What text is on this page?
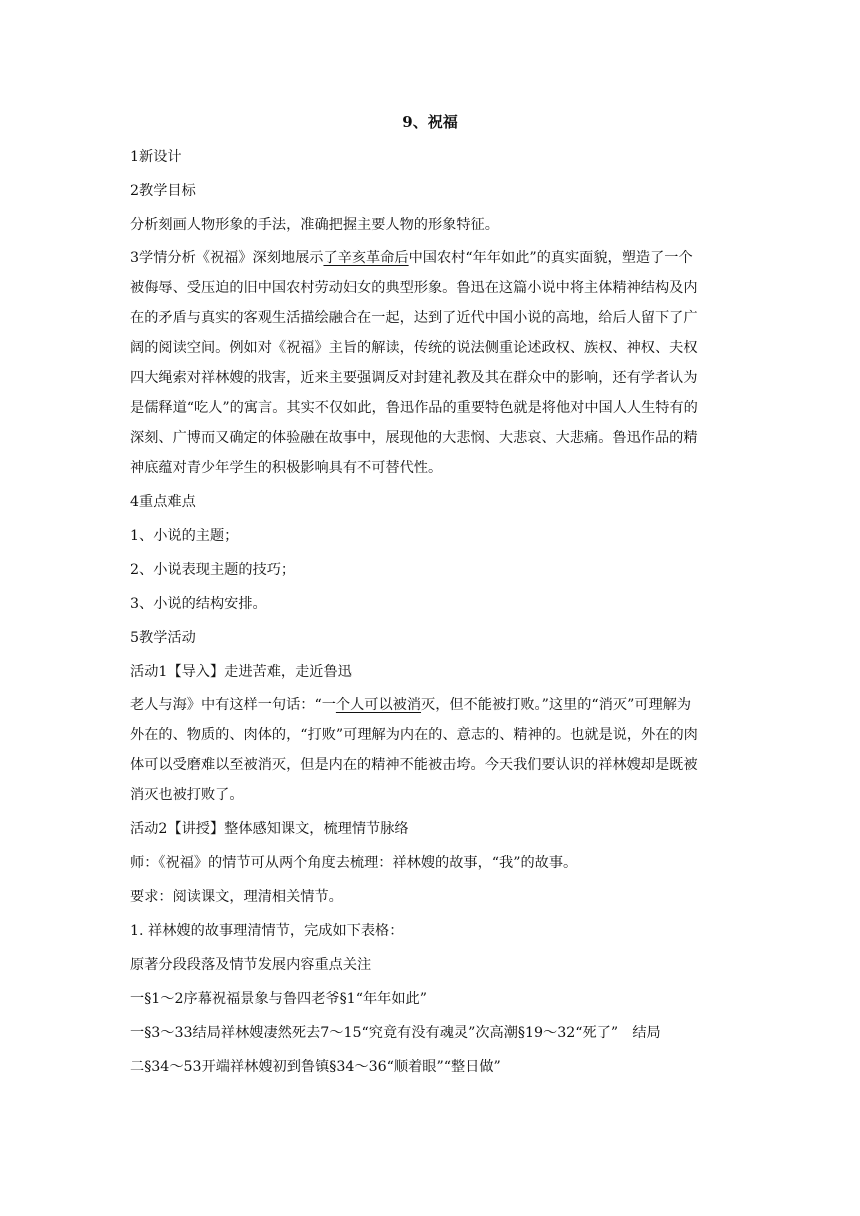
9、祝福
1新设计
2教学目标
分析刻画人物形象的手法，准确把握主要人物的形象特征。
3学情分析《祝福》深刻地展示了辛亥革命后中国农村“年年如此”的真实面貌，塑造了一个
被侮辱、受压迫的旧中国农村劳动妇女的典型形象。鲁迅在这篇小说中将主体精神结构及内
在的矛盾与真实的客观生活描绘融合在一起，达到了近代中国小说的高地，给后人留下了广
阔的阅读空间。例如对《祝福》主旨的解读，传统的说法侧重论述政权、族权、神权、夫权
四大绳索对祥林嫂的戕害，近来主要强调反对封建礼教及其在群众中的影响，还有学者认为
是儒释道“吃人”的寓言。其实不仅如此，鲁迅作品的重要特色就是将他对中国人人生特有的
深刻、广博而又确定的体验融在故事中，展现他的大悲悯、大悲哀、大悲痛。鲁迅作品的精
神底蕴对青少年学生的积极影响具有不可替代性。
4重点难点
1、小说的主题；
2、小说表现主题的技巧；
3、小说的结构安排。
5教学活动
活动1【导入】走进苦难，走近鲁迅
老人与海》中有这样一句话：“一个人可以被消灭，但不能被打败。”这里的“消灭”可理解为
外在的、物质的、肉体的，“打败”可理解为内在的、意志的、精神的。也就是说，外在的肉
体可以受磨难以至被消灭，但是内在的精神不能被击垮。今天我们要认识的祥林嫂却是既被
消灭也被打败了。
活动2【讲授】整体感知课文，梳理情节脉络
师：《祝福》的情节可从两个角度去梳理：祥林嫂的故事，“我”的故事。
要求：阅读课文，理清相关情节。
1. 祥林嫂的故事理清情节，完成如下表格：
原著分段段落及情节发展内容重点关注
一§1～2序幕祝福景象与鲁四老爷§1“年年如此”
一§3～33结局祥林嫂凄然死去7～15“究竟有没有魂灵”次高潮§19～32“死了”　结局
二§34～53开端祥林嫂初到鲁镇§34～36“顺着眼”“整日做”
